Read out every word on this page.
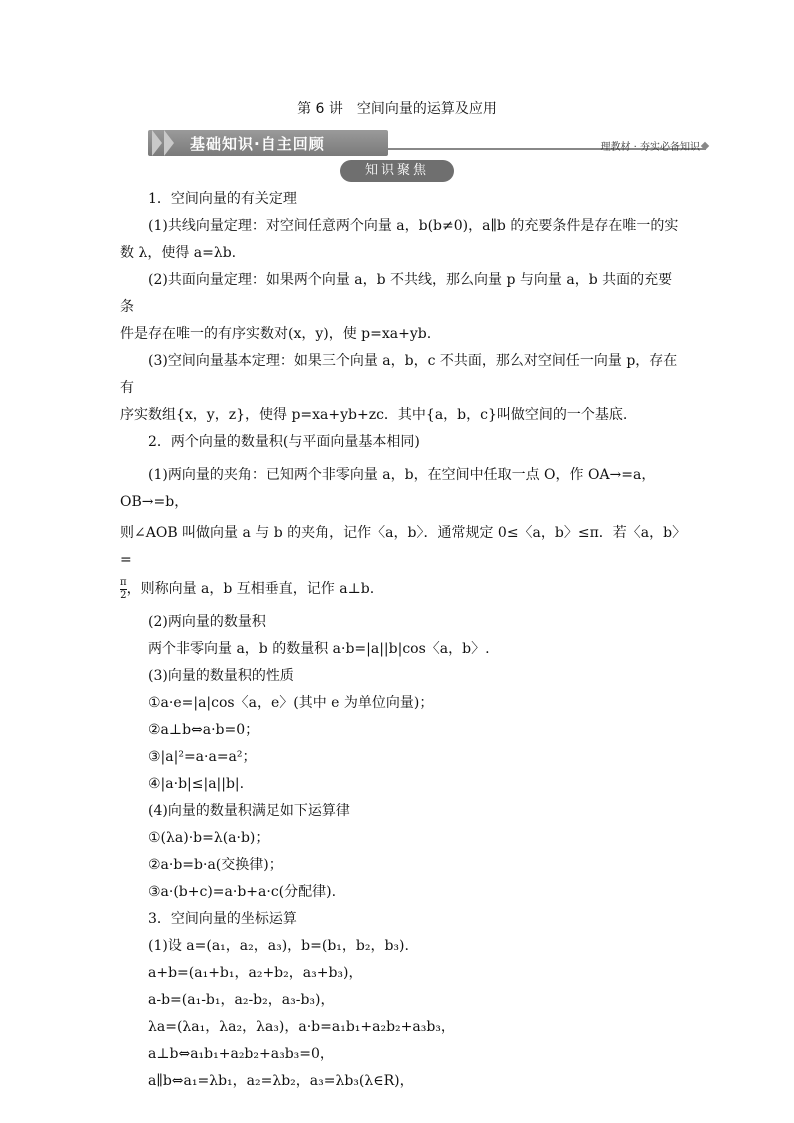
第 6 讲　空间向量的运算及应用
基础知识·自主回顾	理教材 · 夯实必备知识
知识聚焦

1．空间向量的有关定理

(1)共线向量定理：对空间任意两个向量 a，b(b≠0)，a∥b 的充要条件是存在唯一的实

数 λ，使得 a=λb.

(2)共面向量定理：如果两个向量 a，b 不共线，那么向量 p 与向量 a，b 共面的充要条

件是存在唯一的有序实数对(x，y)，使 p=xa+yb.

(3)空间向量基本定理：如果三个向量 a，b，c 不共面，那么对空间任一向量 p，存在有

序实数组{x，y，z}，使得 p=xa+yb+zc．其中{a，b，c}叫做空间的一个基底.

2．两个向量的数量积(与平面向量基本相同)

(1)两向量的夹角：已知两个非零向量 a，b，在空间中任取一点 O，作 OA→=a，OB→=b，

则∠AOB 叫做向量 a 与 b 的夹角，记作〈a，b〉．通常规定 0≤〈a，b〉≤π．若〈a，b〉=

$\frac{\pi}{2}$ ，则称向量 a，b 互相垂直，记作 a⊥b.

(2)两向量的数量积

两个非零向量 a，b 的数量积 a·b=|a||b|cos〈a，b〉.

(3)向量的数量积的性质

①a·e=|a|cos〈a，e〉(其中 e 为单位向量)；

②a⊥b⇔a·b=0；

③|a|²=a·a=a²；

④|a·b|≤|a||b|.

(4)向量的数量积满足如下运算律

①(λa)·b=λ(a·b)；

②a·b=b·a(交换律)；

③a·(b+c)=a·b+a·c(分配律).

3．空间向量的坐标运算

(1)设 a=(a₁，a₂，a₃)，b=(b₁，b₂，b₃).

a+b=(a₁+b₁，a₂+b₂，a₃+b₃)，

a-b=(a₁-b₁，a₂-b₂，a₃-b₃)，

λa=(λa₁，λa₂，λa₃)，a·b=a₁b₁+a₂b₂+a₃b₃，

a⊥b⇔a₁b₁+a₂b₂+a₃b₃=0，

a∥b⇔a₁=λb₁，a₂=λb₂，a₃=λb₃(λ∈R)，
